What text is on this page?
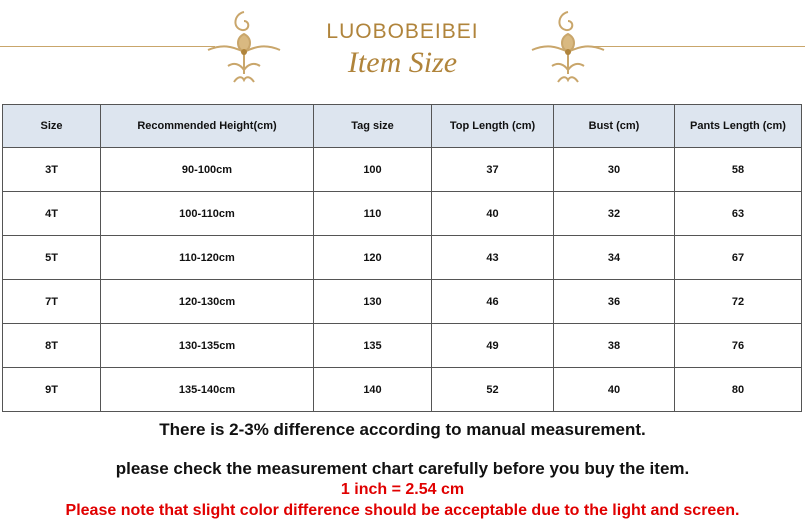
LUOBOBEIBEI
Item Size
Size	Recommended Height(cm)	Tag size	Top Length (cm)	Bust (cm)	Pants Length (cm)
3T	90-100cm	100	37	30	58
4T	100-110cm	110	40	32	63
5T	110-120cm	120	43	34	67
7T	120-130cm	130	46	36	72
8T	130-135cm	135	49	38	76
9T	135-140cm	140	52	40	80
There is 2-3% difference according to manual measurement.
please check the measurement chart carefully before you buy the item.
1 inch = 2.54 cm
Please note that slight color difference should be acceptable due to the light and screen.
